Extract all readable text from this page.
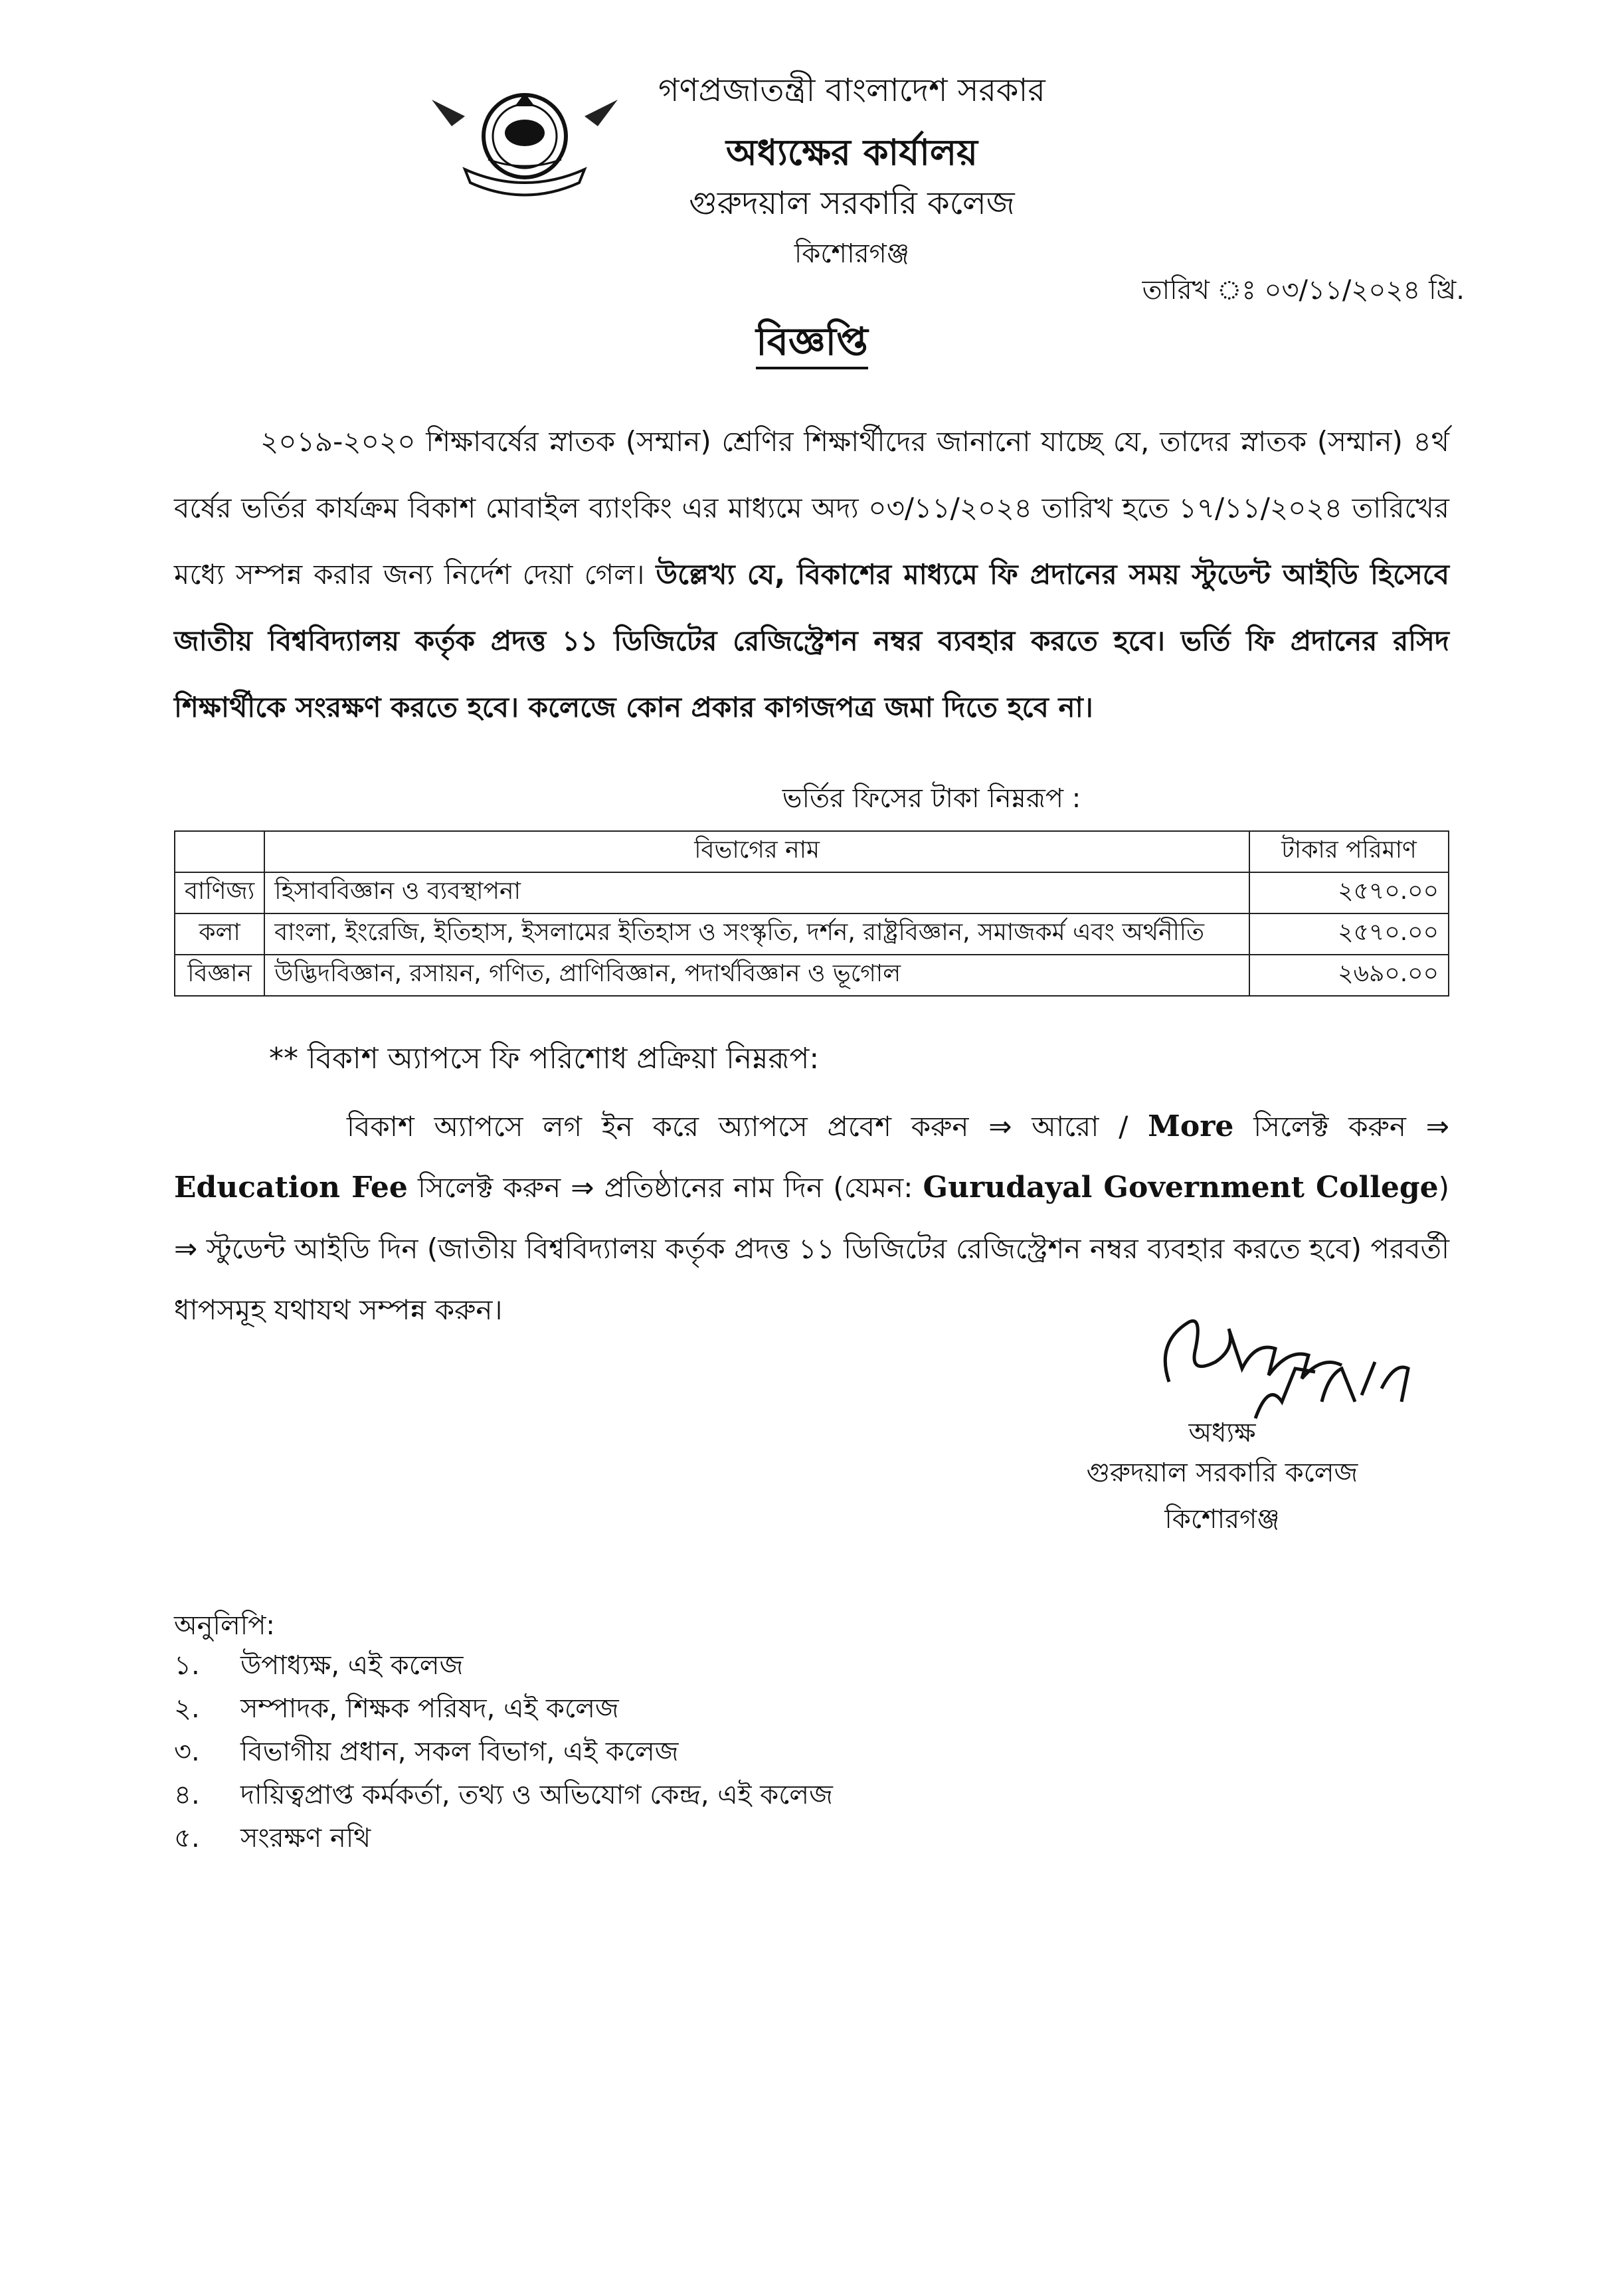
গণপ্রজাতন্ত্রী বাংলাদেশ সরকার
অধ্যক্ষের কার্যালয়
গুরুদয়াল সরকারি কলেজ
কিশোরগঞ্জ
তারিখ ঃ ০৩/১১/২০২৪ খ্রি.
বিজ্ঞপ্তি
২০১৯-২০২০ শিক্ষাবর্ষের স্নাতক (সম্মান) শ্রেণির শিক্ষার্থীদের জানানো যাচ্ছে যে, তাদের স্নাতক (সম্মান) ৪র্থ বর্ষের ভর্তির কার্যক্রম বিকাশ মোবাইল ব্যাংকিং এর মাধ্যমে অদ্য ০৩/১১/২০২৪ তারিখ হতে ১৭/১১/২০২৪ তারিখের মধ্যে সম্পন্ন করার জন্য নির্দেশ দেয়া গেল। উল্লেখ্য যে, বিকাশের মাধ্যমে ফি প্রদানের সময় স্টুডেন্ট আইডি হিসেবে জাতীয় বিশ্ববিদ্যালয় কর্তৃক প্রদত্ত ১১ ডিজিটের রেজিস্ট্রেশন নম্বর ব্যবহার করতে হবে। ভর্তি ফি প্রদানের রসিদ শিক্ষার্থীকে সংরক্ষণ করতে হবে। কলেজে কোন প্রকার কাগজপত্র জমা দিতে হবে না।
ভর্তির ফিসের টাকা নিম্নরূপ :
	বিভাগের নাম	টাকার পরিমাণ
বাণিজ্য	হিসাববিজ্ঞান ও ব্যবস্থাপনা	২৫৭০.০০
কলা	বাংলা, ইংরেজি, ইতিহাস, ইসলামের ইতিহাস ও সংস্কৃতি, দর্শন, রাষ্ট্রবিজ্ঞান, সমাজকর্ম এবং অর্থনীতি	২৫৭০.০০
বিজ্ঞান	উদ্ভিদবিজ্ঞান, রসায়ন, গণিত, প্রাণিবিজ্ঞান, পদার্থবিজ্ঞান ও ভূগোল	২৬৯০.০০
** বিকাশ অ্যাপসে ফি পরিশোধ প্রক্রিয়া নিম্নরূপ:
বিকাশ অ্যাপসে লগ ইন করে অ্যাপসে প্রবেশ করুন ⇒ আরো / More সিলেক্ট করুন ⇒ Education Fee সিলেক্ট করুন ⇒ প্রতিষ্ঠানের নাম দিন (যেমন: Gurudayal Government College) ⇒ স্টুডেন্ট আইডি দিন (জাতীয় বিশ্ববিদ্যালয় কর্তৃক প্রদত্ত ১১ ডিজিটের রেজিস্ট্রেশন নম্বর ব্যবহার করতে হবে) পরবর্তী ধাপসমূহ যথাযথ সম্পন্ন করুন।
অধ্যক্ষ
গুরুদয়াল সরকারি কলেজ
কিশোরগঞ্জ
অনুলিপি:
১. উপাধ্যক্ষ, এই কলেজ
২. সম্পাদক, শিক্ষক পরিষদ, এই কলেজ
৩. বিভাগীয় প্রধান, সকল বিভাগ, এই কলেজ
৪. দায়িত্বপ্রাপ্ত কর্মকর্তা, তথ্য ও অভিযোগ কেন্দ্র, এই কলেজ
৫. সংরক্ষণ নথি
